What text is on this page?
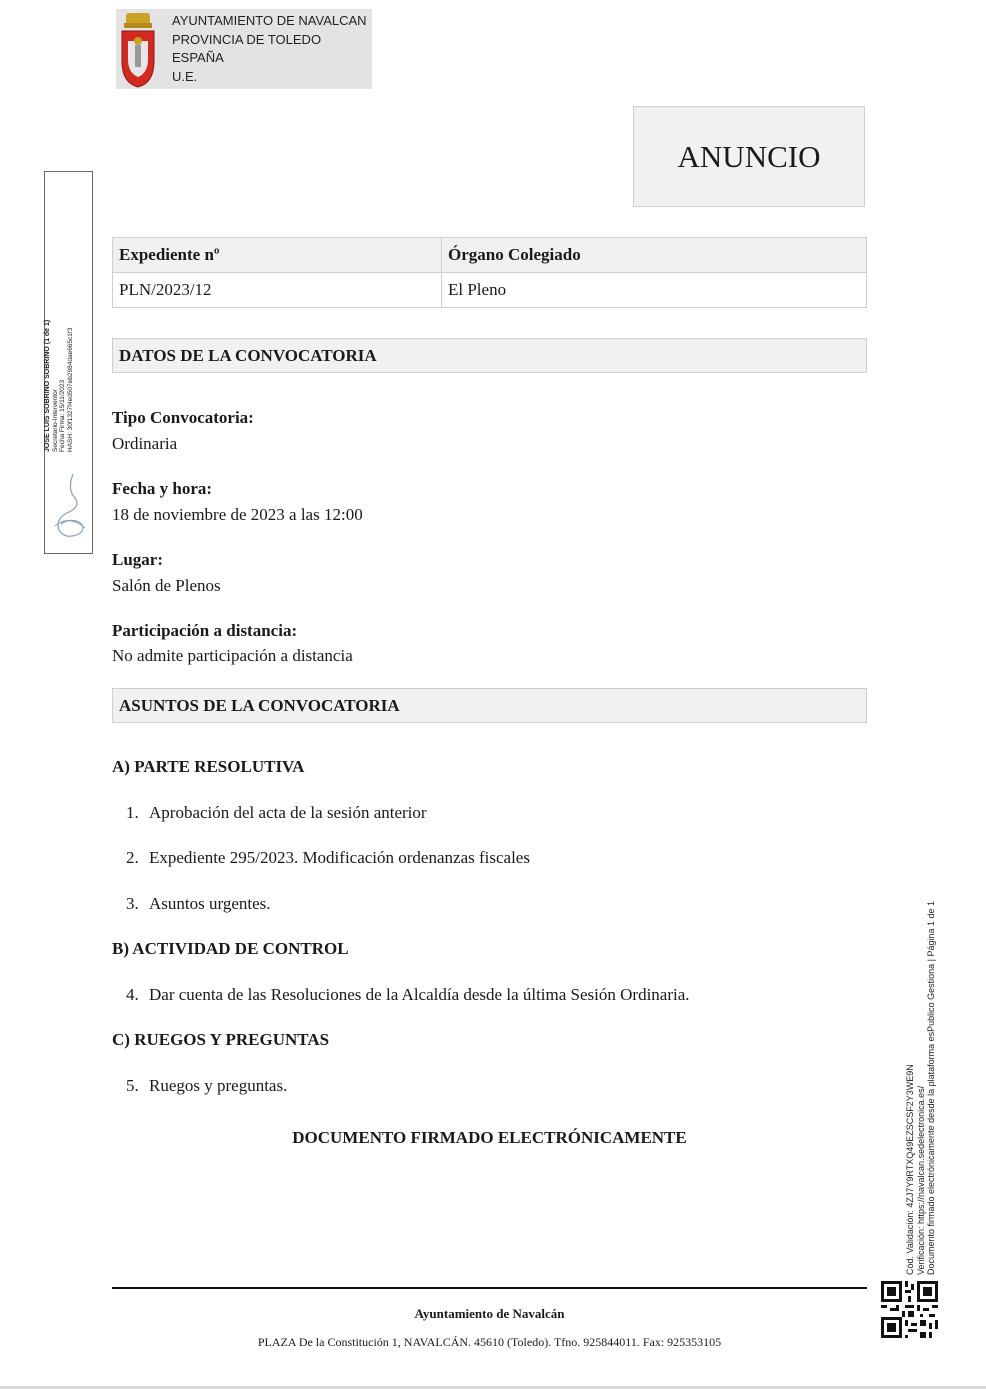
AYUNTAMIENTO DE NAVALCAN
PROVINCIA DE TOLEDO
ESPAÑA
U.E.
ANUNCIO
Expediente nº	Órgano Colegiado
PLN/2023/12	El Pleno
DATOS DE LA CONVOCATORIA
Tipo Convocatoria:
Ordinaria
Fecha y hora:
18 de noviembre de 2023 a las 12:00
Lugar:
Salón de Plenos
Participación a distancia:
No admite participación a distancia
ASUNTOS DE LA CONVOCATORIA
A) PARTE RESOLUTIVA
1. Aprobación del acta de la sesión anterior
2. Expediente 295/2023. Modificación ordenanzas fiscales
3. Asuntos urgentes.
B) ACTIVIDAD DE CONTROL
4. Dar cuenta de las Resoluciones de la Alcaldía desde la última Sesión Ordinaria.
C) RUEGOS Y PREGUNTAS
5. Ruegos y preguntas.
DOCUMENTO FIRMADO ELECTRÓNICAMENTE
Ayuntamiento de Navalcán
PLAZA De la Constitución 1, NAVALCÁN. 45610 (Toledo). Tfno. 925844011. Fax: 925353105
JOSE LUIS SOBRINO SOBRINO (1 de 1) Secretario-Interventor Fecha Firma: 15/11/2023 HASH: 30f1327f4ed507eb2984dae665c1f3
Cód. Validación: 4ZJ7Y9RTXQ49EZSCSF2Y3WE9N Verificación: https://navalcan.sedelectronica.es/ Documento firmado electrónicamente desde la plataforma esPublico Gestiona | Página 1 de 1
